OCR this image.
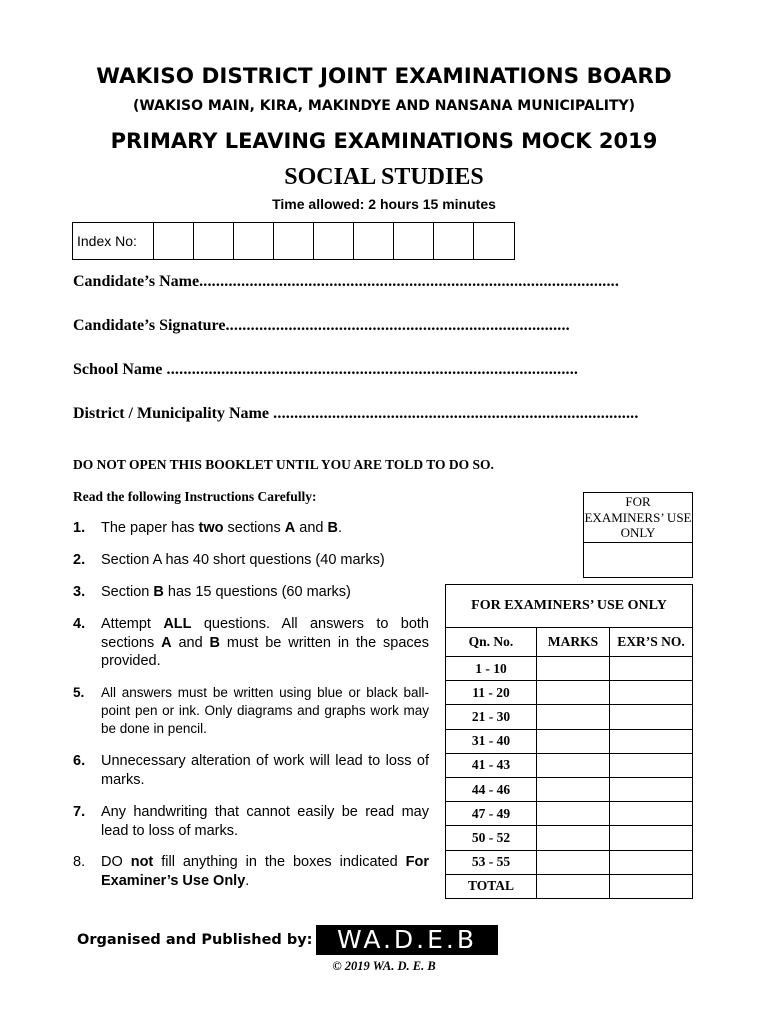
WAKISO DISTRICT JOINT EXAMINATIONS BOARD
(WAKISO MAIN, KIRA, MAKINDYE AND NANSANA MUNICIPALITY)
PRIMARY LEAVING EXAMINATIONS MOCK 2019
SOCIAL STUDIES
Time allowed: 2 hours 15 minutes
Index No:
Candidate’s Name....................................................................................................
Candidate’s Signature..................................................................................
School Name ..................................................................................................
District / Municipality Name .......................................................................................
DO NOT OPEN THIS BOOKLET UNTIL YOU ARE TOLD TO DO SO.
Read the following Instructions Carefully:
1.	The paper has two sections A and B.
2.	Section A has 40 short questions (40 marks)
3.	Section B has 15 questions (60 marks)
4.	Attempt ALL questions. All answers to both sections A and B must be written in the spaces provided.
5.	All answers must be written using blue or black ball-point pen or ink. Only diagrams and graphs work may be done in pencil.
6.	Unnecessary alteration of work will lead to loss of marks.
7.	Any handwriting that cannot easily be read may lead to loss of marks.
8.	DO not fill anything in the boxes indicated For Examiner’s Use Only.
FOR EXAMINERS’ USE ONLY
FOR EXAMINERS’ USE ONLY		
Qn. No.	MARKS	EXR’S NO.
1 - 10		
11 - 20		
21 - 30		
31 - 40		
41 - 43		
44 - 46		
47 - 49		
50 - 52		
53 - 55		
TOTAL		
Organised and Published by: WA.D.E.B
© 2019 WA. D. E. B
